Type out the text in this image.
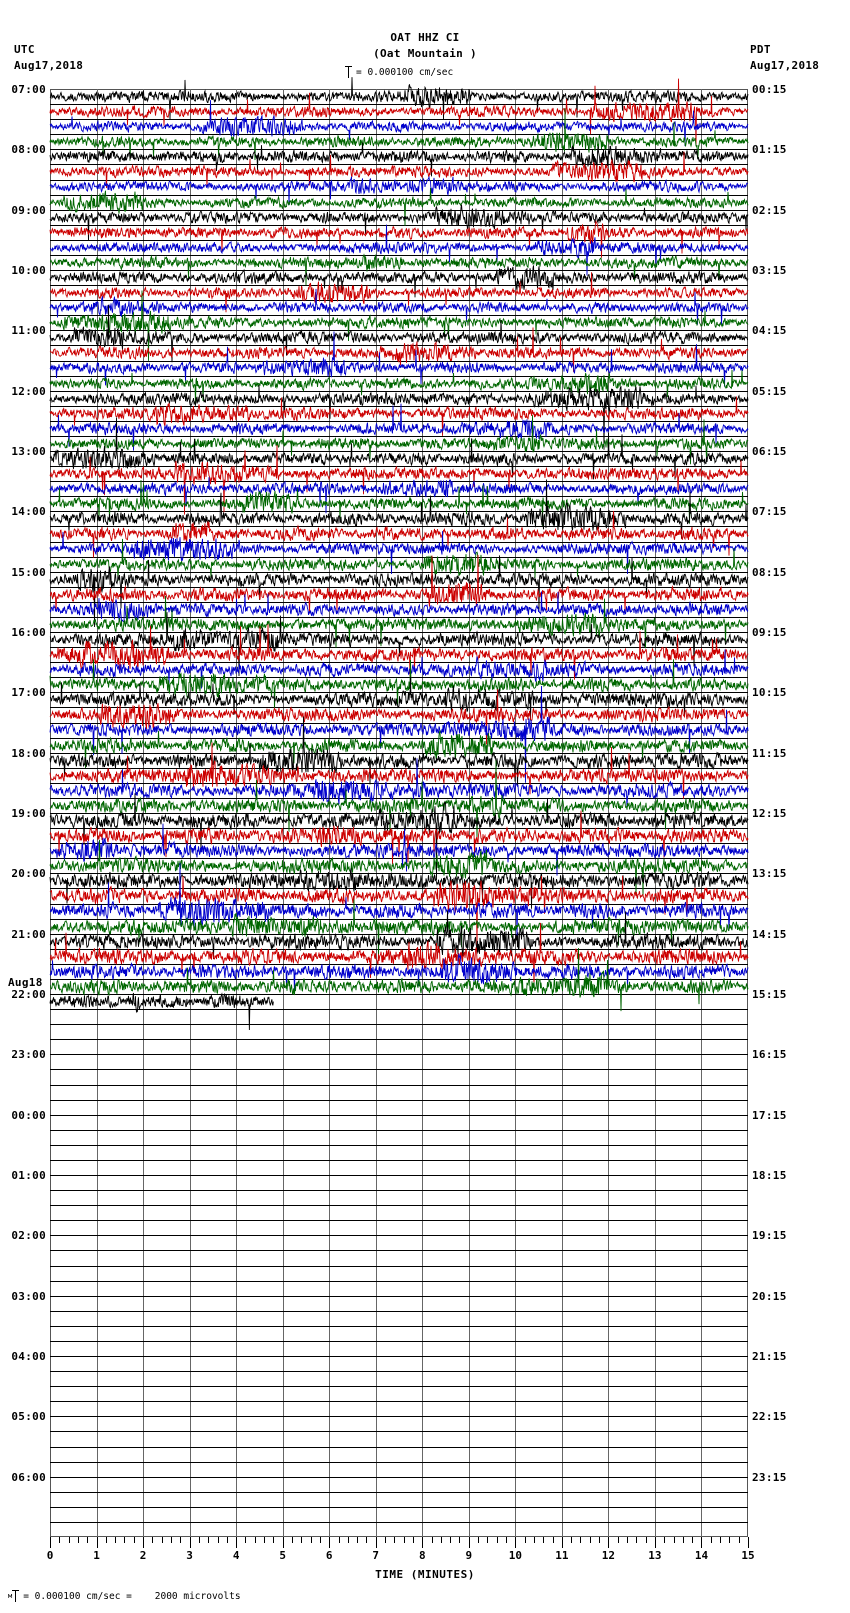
UTC
Aug17,2018
OAT HHZ CI
(Oat Mountain )
= 0.000100 cm/sec
PDT
Aug17,2018
07:00
08:00
09:00
10:00
11:00
12:00
13:00
14:00
15:00
16:00
17:00
18:00
19:00
20:00
21:00
22:00
23:00
00:00
01:00
02:00
03:00
04:00
05:00
06:00
00:15
01:15
02:15
03:15
04:15
05:15
06:15
07:15
08:15
09:15
10:15
11:15
12:15
13:15
14:15
15:15
16:15
17:15
18:15
19:15
20:15
21:15
22:15
23:15
Aug18
0	1	2	3	4	5	6	7	8	9	10	11	12	13	14	15
TIME (MINUTES)
м = 0.000100 cm/sec =    2000 microvolts
